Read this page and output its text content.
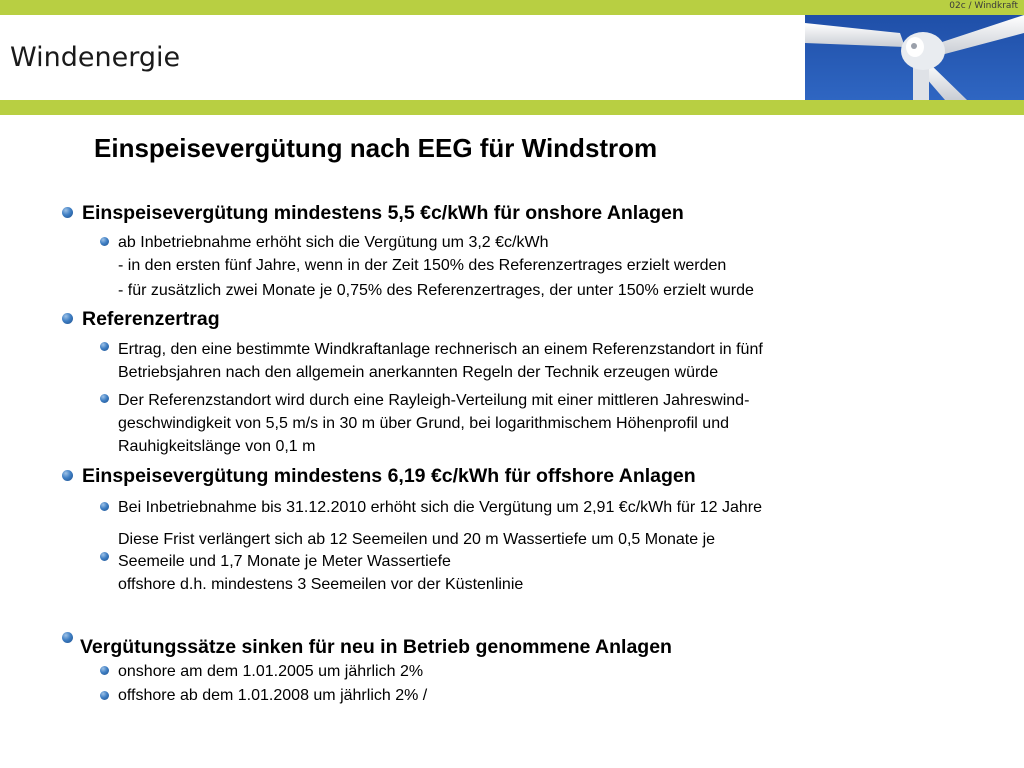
02c / Windkraft
Windenergie
Einspeisevergütung nach EEG für Windstrom
Einspeisevergütung mindestens 5,5 €c/kWh für onshore Anlagen
ab Inbetriebnahme erhöht sich die Vergütung um 3,2 €c/kWh
- in den ersten fünf Jahre, wenn in der Zeit 150% des Referenzertrages erzielt werden
- für zusätzlich zwei Monate je 0,75% des Referenzertrages, der unter 150% erzielt wurde
Referenzertrag
Ertrag, den eine bestimmte Windkraftanlage rechnerisch an einem Referenzstandort in fünf
Betriebsjahren nach den allgemein anerkannten Regeln der Technik erzeugen würde
Der Referenzstandort wird durch eine Rayleigh-Verteilung mit einer mittleren Jahreswind-
geschwindigkeit von 5,5 m/s in 30 m über Grund, bei logarithmischem Höhenprofil und
Rauhigkeitslänge von 0,1 m
Einspeisevergütung mindestens 6,19 €c/kWh für offshore Anlagen
Bei Inbetriebnahme bis 31.12.2010 erhöht sich die Vergütung um 2,91 €c/kWh für 12 Jahre
Diese Frist verlängert sich ab 12 Seemeilen und 20 m Wassertiefe um 0,5 Monate je
Seemeile und 1,7 Monate je Meter Wassertiefe
offshore d.h. mindestens 3 Seemeilen vor der Küstenlinie
Vergütungssätze sinken für neu in Betrieb genommene Anlagen
onshore am dem 1.01.2005 um jährlich 2%
offshore ab dem 1.01.2008 um jährlich 2% /
